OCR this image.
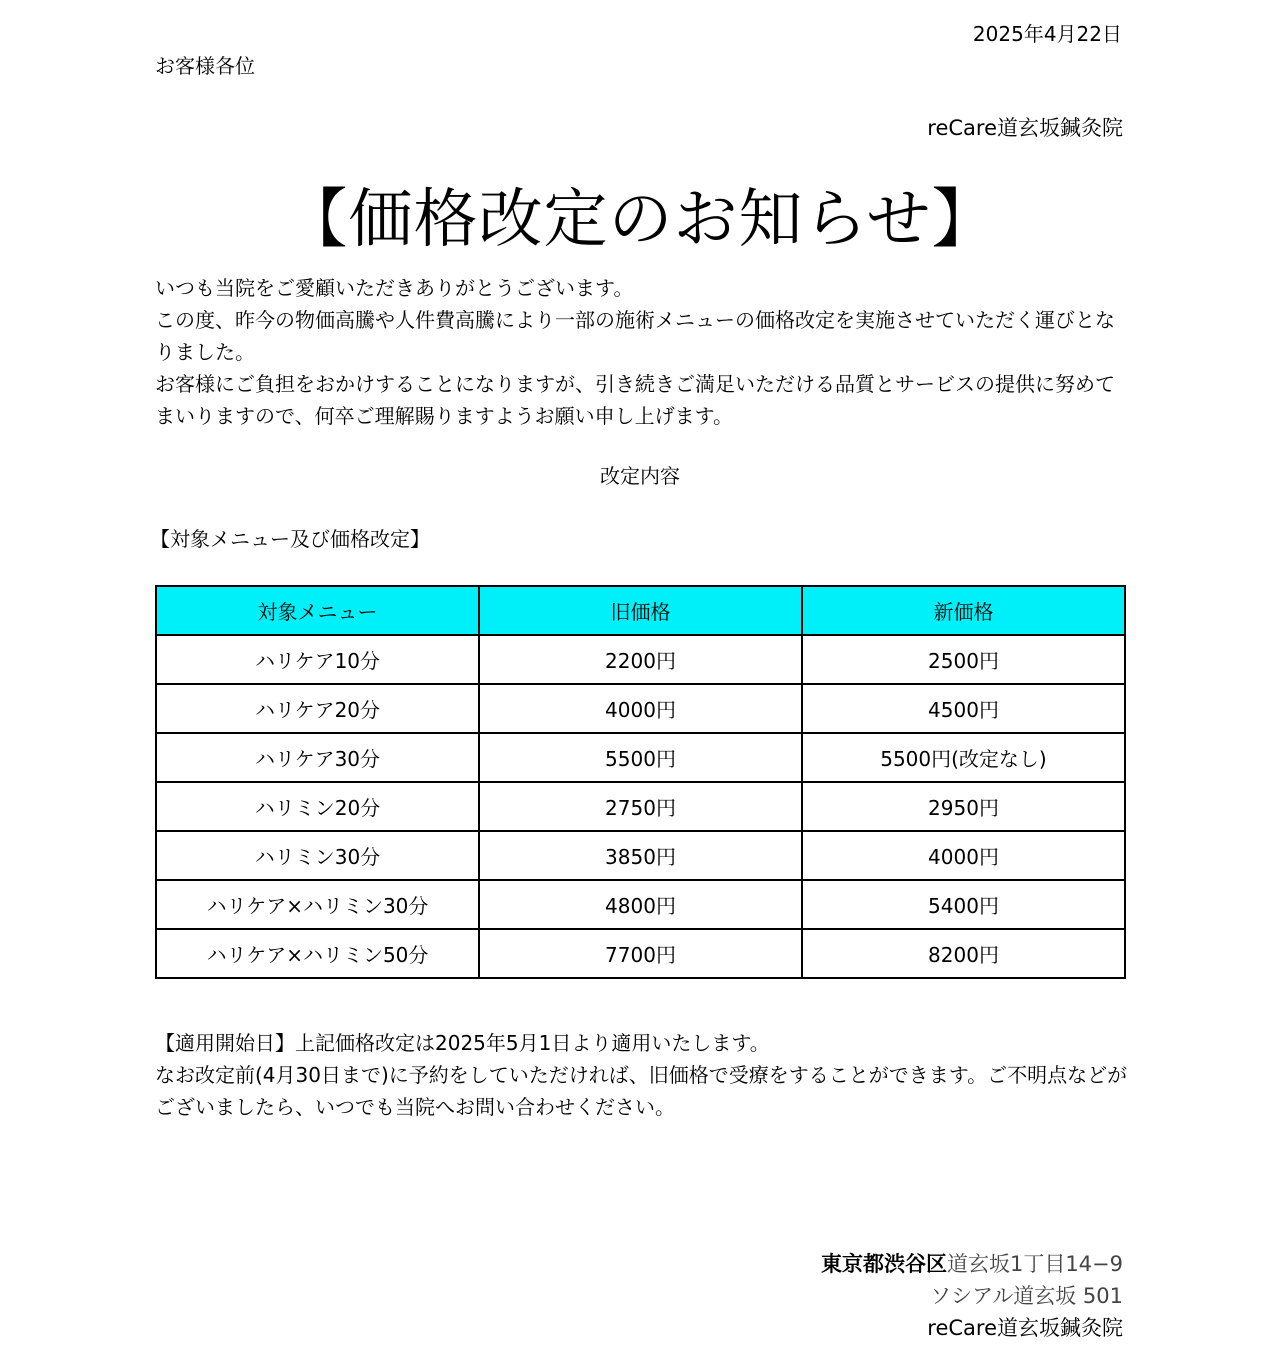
2025年4月22日
お客様各位
reCare道玄坂鍼灸院
【価格改定のお知らせ】

いつも当院をご愛顧いただきありがとうございます。

この度、昨今の物価高騰や人件費高騰により一部の施術メニューの価格改定を実施させていただく運びとなりました。

お客様にご負担をおかけすることになりますが、引き続きご満足いただける品質とサービスの提供に努めてまいりますので、何卒ご理解賜りますようお願い申し上げます。

改定内容
【対象メニュー及び価格改定】
対象メニュー	旧価格	新価格
ハリケア10分	2200円	2500円
ハリケア20分	4000円	4500円
ハリケア30分	5500円	5500円(改定なし)
ハリミン20分	2750円	2950円
ハリミン30分	3850円	4000円
ハリケア×ハリミン30分	4800円	5400円
ハリケア×ハリミン50分	7700円	8200円

【適用開始日】上記価格改定は2025年5月1日より適用いたします。

なお改定前(4月30日まで)に予約をしていただければ、旧価格で受療をすることができます。ご不明点などがございましたら、いつでも当院へお問い合わせください。

東京都渋谷区道玄坂1丁目14−9
ソシアル道玄坂 501
reCare道玄坂鍼灸院
